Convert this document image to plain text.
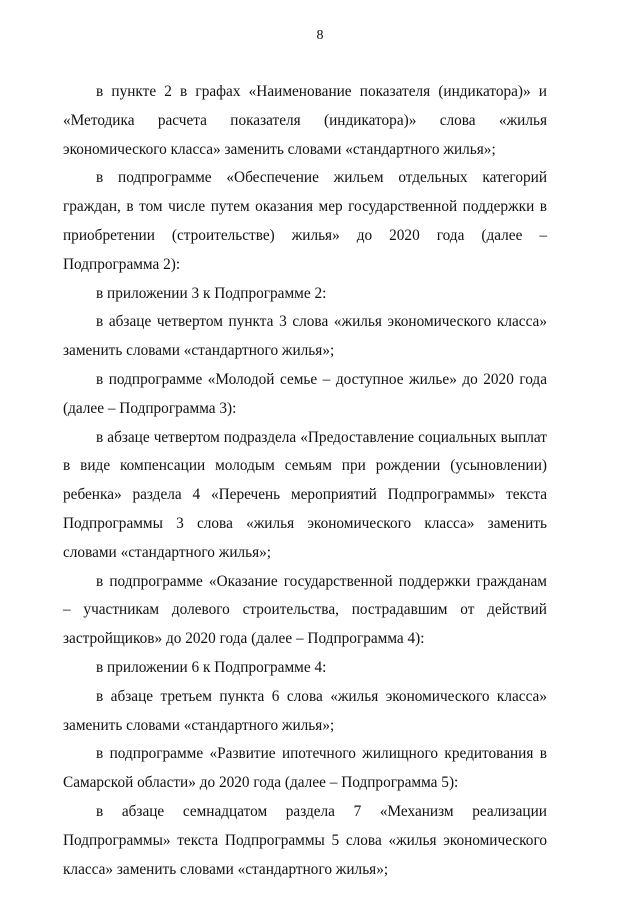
8

в пункте 2 в графах «Наименование показателя (индикатора)» и «Методика расчета показателя (индикатора)» слова «жилья экономического класса» заменить словами «стандартного жилья»;

в подпрограмме «Обеспечение жильем отдельных категорий граждан, в том числе путем оказания мер государственной поддержки в приобретении (строительстве) жилья» до 2020 года (далее – Подпрограмма 2):

в приложении 3 к Подпрограмме 2:

в абзаце четвертом пункта 3 слова «жилья экономического класса» заменить словами «стандартного жилья»;

в подпрограмме «Молодой семье – доступное жилье» до 2020 года (далее – Подпрограмма 3):

в абзаце четвертом подраздела «Предоставление социальных выплат в виде компенсации молодым семьям при рождении (усыновлении) ребенка» раздела 4 «Перечень мероприятий Подпрограммы» текста Подпрограммы 3 слова «жилья экономического класса» заменить словами «стандартного жилья»;

в подпрограмме «Оказание государственной поддержки гражданам – участникам долевого строительства, пострадавшим от действий застройщиков» до 2020 года (далее – Подпрограмма 4):

в приложении 6 к Подпрограмме 4:

в абзаце третьем пункта 6 слова «жилья экономического класса» заменить словами «стандартного жилья»;

в подпрограмме «Развитие ипотечного жилищного кредитования в Самарской области» до 2020 года (далее – Подпрограмма 5):

в абзаце семнадцатом раздела 7 «Механизм реализации Подпрограммы» текста Подпрограммы 5 слова «жилья экономического класса» заменить словами «стандартного жилья»;
